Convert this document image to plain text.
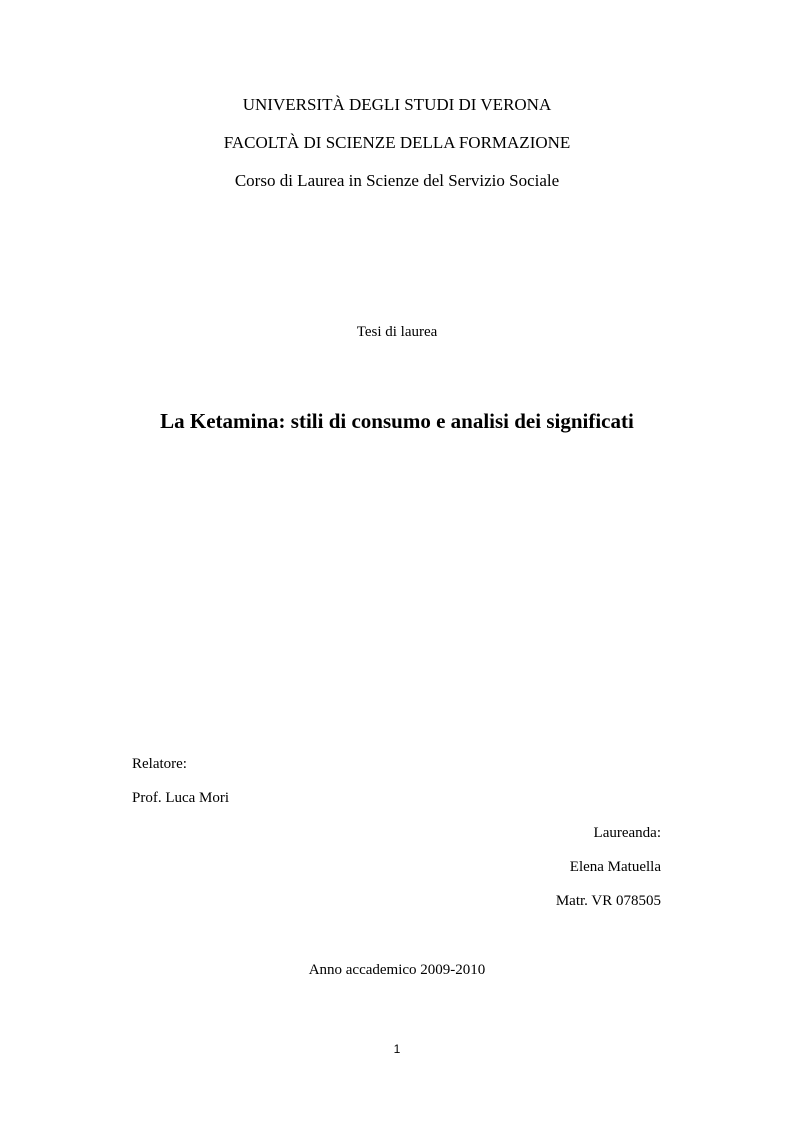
UNIVERSITÀ DEGLI STUDI DI VERONA
FACOLTÀ DI SCIENZE DELLA FORMAZIONE
Corso di Laurea in Scienze del Servizio Sociale
Tesi di laurea
La Ketamina: stili di consumo e analisi dei significati
Relatore:
Prof. Luca Mori
Laureanda:
Elena Matuella
Matr. VR 078505
Anno accademico 2009-2010
1
